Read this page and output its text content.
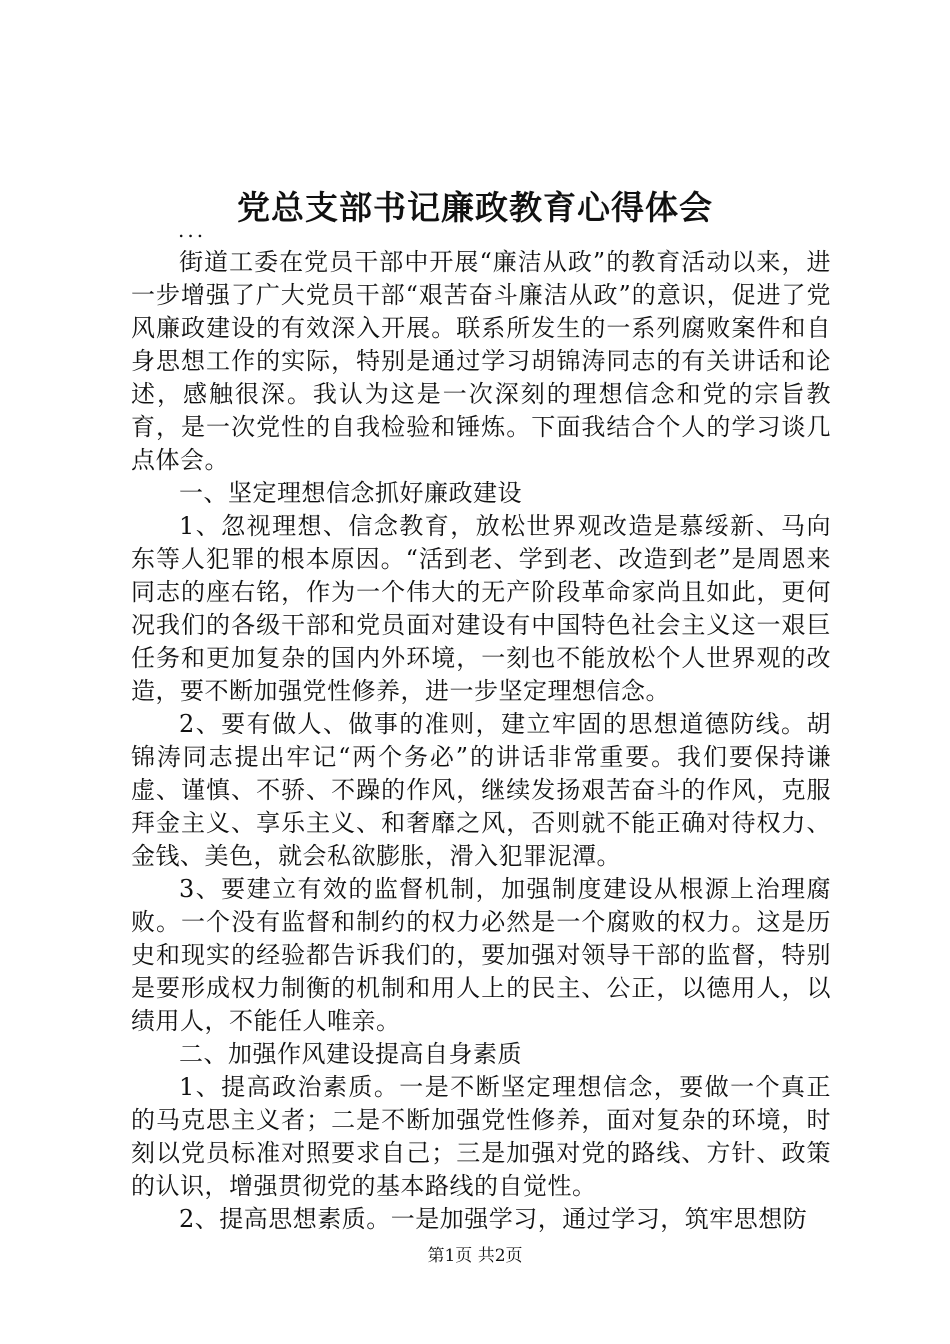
党总支部书记廉政教育心得体会
...

街道工委在党员干部中开展“廉洁从政”的教育活动以来，进一步增强了广大党员干部“艰苦奋斗廉洁从政”的意识，促进了党风廉政建设的有效深入开展。联系所发生的一系列腐败案件和自身思想工作的实际，特别是通过学习胡锦涛同志的有关讲话和论述，感触很深。我认为这是一次深刻的理想信念和党的宗旨教育，是一次党性的自我检验和锤炼。下面我结合个人的学习谈几点体会。

一、坚定理想信念抓好廉政建设

1、忽视理想、信念教育，放松世界观改造是慕绥新、马向东等人犯罪的根本原因。“活到老、学到老、改造到老”是周恩来同志的座右铭，作为一个伟大的无产阶段革命家尚且如此，更何况我们的各级干部和党员面对建设有中国特色社会主义这一艰巨任务和更加复杂的国内外环境，一刻也不能放松个人世界观的改造，要不断加强党性修养，进一步坚定理想信念。

2、要有做人、做事的准则，建立牢固的思想道德防线。胡锦涛同志提出牢记“两个务必”的讲话非常重要。我们要保持谦虚、谨慎、不骄、不躁的作风，继续发扬艰苦奋斗的作风，克服拜金主义、享乐主义、和奢靡之风，否则就不能正确对待权力、金钱、美色，就会私欲膨胀，滑入犯罪泥潭。

3、要建立有效的监督机制，加强制度建设从根源上治理腐败。一个没有监督和制约的权力必然是一个腐败的权力。这是历史和现实的经验都告诉我们的，要加强对领导干部的监督，特别是要形成权力制衡的机制和用人上的民主、公正，以德用人，以绩用人，不能任人唯亲。

二、加强作风建设提高自身素质

1、提高政治素质。一是不断坚定理想信念，要做一个真正的马克思主义者；二是不断加强党性修养，面对复杂的环境，时刻以党员标准对照要求自己；三是加强对党的路线、方针、政策的认识，增强贯彻党的基本路线的自觉性。

2、提高思想素质。一是加强学习，通过学习，筑牢思想防

第1页 共2页
